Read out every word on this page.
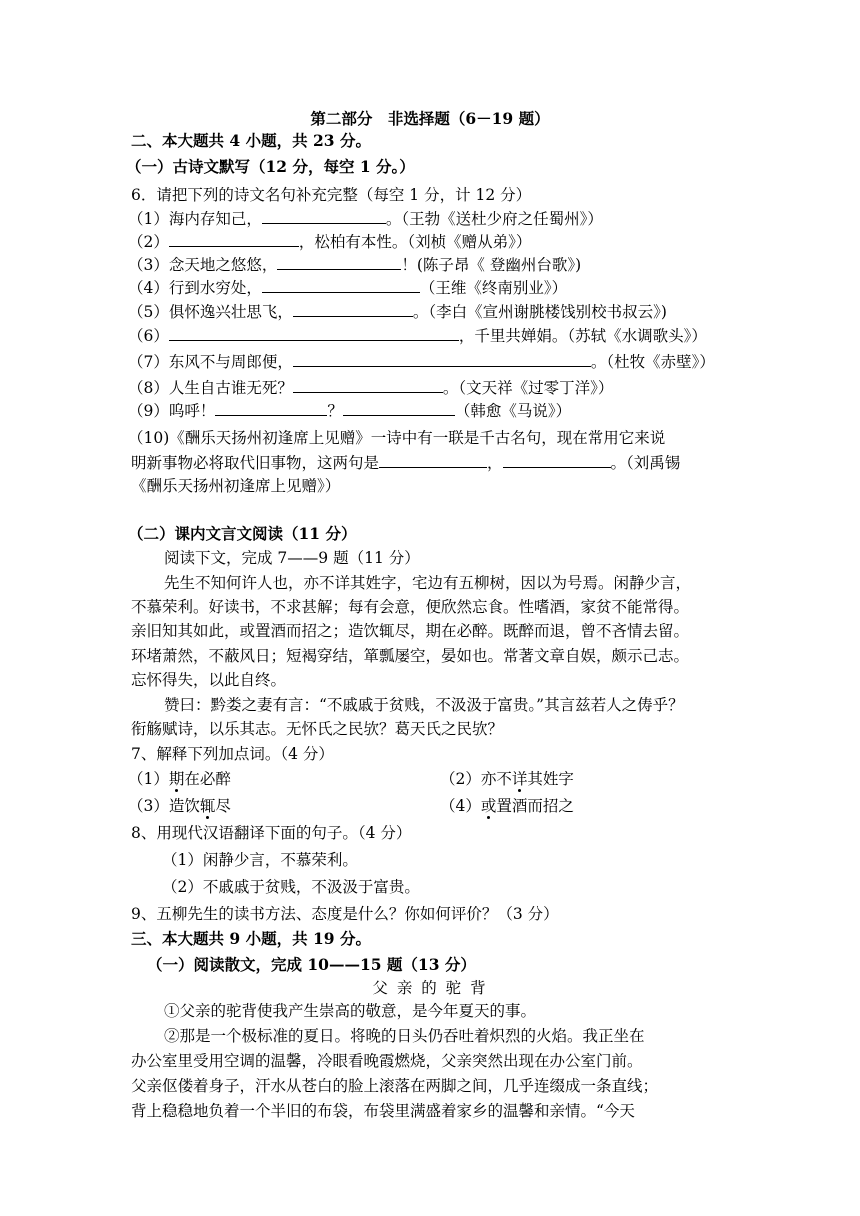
第二部分　非选择题（6－19 题）
二、本大题共 4 小题，共 23 分。
（一）古诗文默写（12 分，每空 1 分。）
6．请把下列的诗文名句补充完整（每空 1 分，计 12 分）
（1）海内存知己，	。（王勃《送杜少府之任蜀州》）
（2）	，松柏有本性。（刘桢《赠从弟》）
（3）念天地之悠悠，	！(陈子昂《 登幽州台歌》)
（4）行到水穷处，	（王维《终南别业》）
（5）俱怀逸兴壮思飞，	。（李白《宣州谢朓楼饯别校书叔云》)
（6）	，千里共婵娟。（苏轼《水调歌头》）
（7）东风不与周郎便，	。（杜牧《赤壁》）
（8）人生自古谁无死？	。（文天祥《过零丁洋》）
（9）呜呼！	？	（韩愈《马说》）
（10)《酬乐天扬州初逢席上见赠》一诗中有一联是千古名句，现在常用它来说
明新事物必将取代旧事物，这两句是	，	。（刘禹锡
《酬乐天扬州初逢席上见赠》）
（二）课内文言文阅读（11 分）
阅读下文，完成 7——9 题（11 分）
先生不知何许人也，亦不详其姓字，宅边有五柳树，因以为号焉。闲静少言，
不慕荣利。好读书，不求甚解；每有会意，便欣然忘食。性嗜酒，家贫不能常得。
亲旧知其如此，或置酒而招之；造饮辄尽，期在必醉。既醉而退，曾不吝情去留。
环堵萧然，不蔽风日；短褐穿结，箪瓢屡空，晏如也。常著文章自娱，颇示己志。
忘怀得失，以此自终。
赞曰：黔娄之妻有言：“不戚戚于贫贱，不汲汲于富贵。”其言兹若人之俦乎？
衔觞赋诗，以乐其志。无怀氏之民欤？葛天氏之民欤？
7、解释下列加点词。（4 分）
（1）期在必醉	（2）亦不详其姓字
（3）造饮辄尽	（4）或置酒而招之
8、用现代汉语翻译下面的句子。（4 分）
（1）闲静少言，不慕荣利。
（2）不戚戚于贫贱，不汲汲于富贵。
9、五柳先生的读书方法、态度是什么？你如何评价？（3 分）
三、本大题共 9 小题，共 19 分。
（一）阅读散文，完成 10——15 题（13 分）
父 亲 的 驼 背
①父亲的驼背使我产生崇高的敬意，是今年夏天的事。
②那是一个极标准的夏日。将晚的日头仍吞吐着炽烈的火焰。我正坐在
办公室里受用空调的温馨，冷眼看晚霞燃烧，父亲突然出现在办公室门前。
父亲伛偻着身子，汗水从苍白的脸上滚落在两脚之间，几乎连缀成一条直线；
背上稳稳地负着一个半旧的布袋，布袋里满盛着家乡的温馨和亲情。“今天
